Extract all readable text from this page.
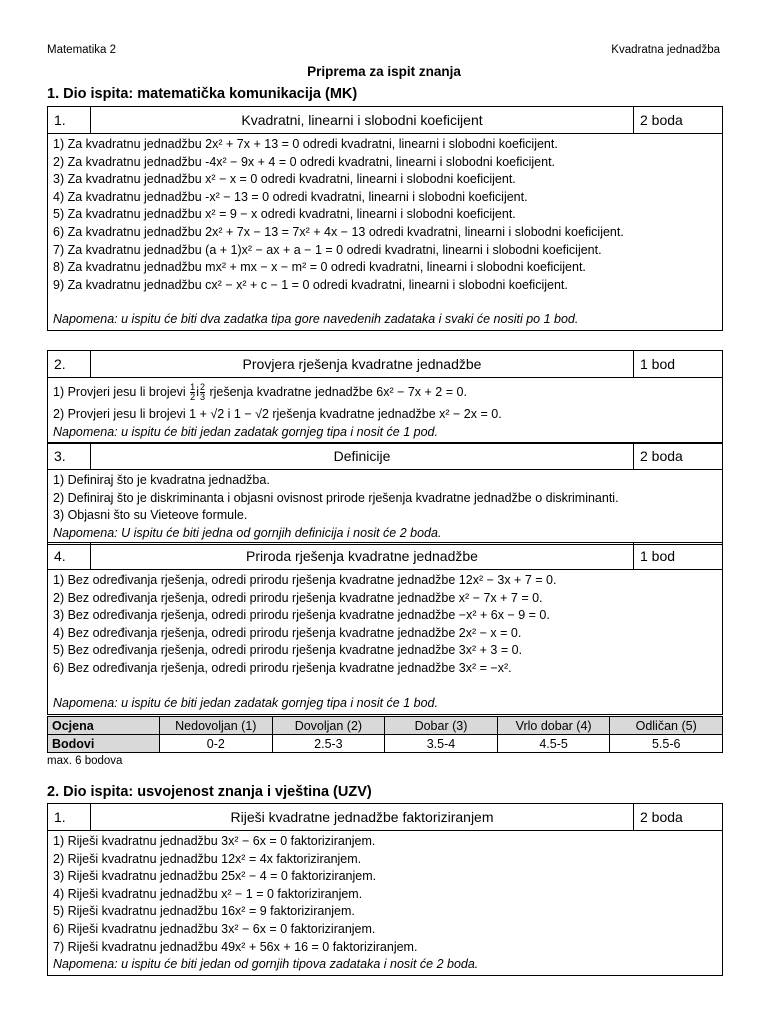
Matematika 2	Kvadratna jednadžba
Priprema za ispit znanja
1. Dio ispita: matematička komunikacija (MK)
1.	Kvadratni, linearni i slobodni koeficijent	2 boda

1) Za kvadratnu jednadžbu 2x² + 7x + 13 = 0 odredi kvadratni, linearni i slobodni koeficijent.
2) Za kvadratnu jednadžbu -4x² − 9x + 4 = 0 odredi kvadratni, linearni i slobodni koeficijent.
3) Za kvadratnu jednadžbu x² − x = 0 odredi kvadratni, linearni i slobodni koeficijent.
4) Za kvadratnu jednadžbu -x² − 13 = 0 odredi kvadratni, linearni i slobodni koeficijent.
5) Za kvadratnu jednadžbu x² = 9 − x odredi kvadratni, linearni i slobodni koeficijent.
6) Za kvadratnu jednadžbu 2x² + 7x − 13 = 7x² + 4x − 13 odredi kvadratni, linearni i slobodni koeficijent.
7) Za kvadratnu jednadžbu (a + 1)x² − ax + a − 1 = 0 odredi kvadratni, linearni i slobodni koeficijent.
8) Za kvadratnu jednadžbu mx² + mx − x − m² = 0 odredi kvadratni, linearni i slobodni koeficijent.
9) Za kvadratnu jednadžbu cx² − x² + c − 1 = 0 odredi kvadratni, linearni i slobodni koeficijent.
Napomena: u ispitu će biti dva zadatka tipa gore navedenih zadataka i svaki će nositi po 1 bod.
2.	Provjera rješenja kvadratne jednadžbe	1 bod

1) Provjeri jesu li brojevi $\frac{1}{2}$ i $\frac{2}{3}$ rješenja kvadratne jednadžbe 6x² − 7x + 2 = 0.
2) Provjeri jesu li brojevi 1 + √2 i 1 − √2 rješenja kvadratne jednadžbe x² − 2x = 0.
Napomena: u ispitu će biti jedan zadatak gornjeg tipa i nosit će 1 pod.
3.	Definicije	2 boda

1) Definiraj što je kvadratna jednadžba.
2) Definiraj što je diskriminanta i objasni ovisnost prirode rješenja kvadratne jednadžbe o diskriminanti.
3) Objasni što su Vieteove formule.
Napomena: U ispitu će biti jedna od gornjih definicija i nosit će 2 boda.
4.	Priroda rješenja kvadratne jednadžbe	1 bod

1) Bez određivanja rješenja, odredi prirodu rješenja kvadratne jednadžbe 12x² − 3x + 7 = 0.
2) Bez određivanja rješenja, odredi prirodu rješenja kvadratne jednadžbe x² − 7x + 7 = 0.
3) Bez određivanja rješenja, odredi prirodu rješenja kvadratne jednadžbe −x² + 6x − 9 = 0.
4) Bez određivanja rješenja, odredi prirodu rješenja kvadratne jednadžbe 2x² − x = 0.
5) Bez određivanja rješenja, odredi prirodu rješenja kvadratne jednadžbe 3x² + 3 = 0.
6) Bez određivanja rješenja, odredi prirodu rješenja kvadratne jednadžbe 3x² = −x².
Napomena: u ispitu će biti jedan zadatak gornjeg tipa i nosit će 1 bod.
Ocjena	Nedovoljan (1)	Dovoljan (2)	Dobar (3)	Vrlo dobar (4)	Odličan (5)
Bodovi	0-2	2.5-3	3.5-4	4.5-5	5.5-6
max. 6 bodova
2. Dio ispita: usvojenost znanja i vještina (UZV)
1.	Riješi kvadratne jednadžbe faktoriziranjem	2 boda

1) Riješi kvadratnu jednadžbu 3x² − 6x = 0 faktoriziranjem.
2) Riješi kvadratnu jednadžbu 12x² = 4x faktoriziranjem.
3) Riješi kvadratnu jednadžbu 25x² − 4 = 0 faktoriziranjem.
4) Riješi kvadratnu jednadžbu x² − 1 = 0 faktoriziranjem.
5) Riješi kvadratnu jednadžbu 16x² = 9 faktoriziranjem.
6) Riješi kvadratnu jednadžbu 3x² − 6x = 0 faktoriziranjem.
7) Riješi kvadratnu jednadžbu 49x² + 56x + 16 = 0 faktoriziranjem.
Napomena: u ispitu će biti jedan od gornjih tipova zadataka i nosit će 2 boda.
